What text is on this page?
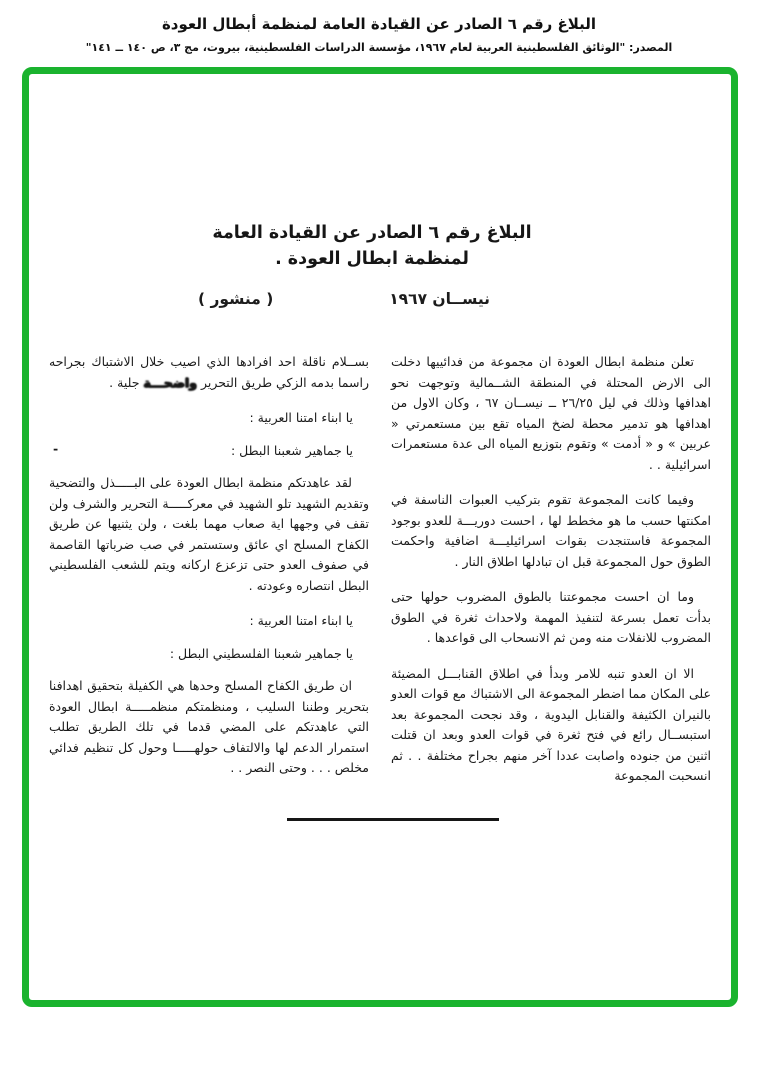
البلاغ رقم ٦ الصادر عن القيادة العامة لمنظمة أبطال العودة
المصدر: "الوثائق الفلسطينية العربية لعام ١٩٦٧، مؤسسة الدراسات الفلسطينية، بيروت، مج ٣، ص ١٤٠ ــ ١٤١"
البلاغ رقم ٦ الصادر عن القيادة العامة
لمنظمة ابطال العودة .
نيســان ١٩٦٧
( منشور )

تعلن منظمة ابطال العودة ان مجموعة من فدائييها دخلت الى الارض المحتلة في المنطقة الشــمالية وتوجهت نحو اهدافها وذلك في ليل ٢٦/٢٥ ــ نيســان ٦٧ ، وكان الاول من اهدافها هو تدمير محطة لضخ المياه تقع بين مستعمرتي « عربين » و « أدمت » وتقوم بتوزيع المياه الى عدة مستعمرات اسرائيلية . .

وفيما كانت المجموعة تقوم بتركيب العبوات الناسفة في امكنتها حسب ما هو مخطط لها ، احست دوريـــة للعدو بوجود المجموعة فاستنجدت بقوات اسرائيليـــة اضافية واحكمت الطوق حول المجموعة قبل ان تبادلها اطلاق النار .

وما ان احست مجموعتنا بالطوق المضروب حولها حتى بدأت تعمل بسرعة لتنفيذ المهمة ولاحداث ثغرة في الطوق المضروب للانفلات منه ومن ثم الانسحاب الى قواعدها .

الا ان العدو تنبه للامر وبدأ في اطلاق القنابـــل المضيئة على المكان مما اضطر المجموعة الى الاشتباك مع قوات العدو بالنيران الكثيفة والقنابل اليدوية ، وقد نجحت المجموعة بعد استبســال رائع في فتح ثغرة في قوات العدو وبعد ان قتلت اثنين من جنوده واصابت عددا آخر منهم بجراح مختلفة . . ثم انسحبت المجموعة

بســلام ناقلة احد افرادها الذي اصيب خلال الاشتباك بجراحه راسما بدمه الزكي طريق التحرير واضحـــة جلية .

يا ابناء امتنا العربية :

-	يا جماهير شعبنا البطل :

لقد عاهدتكم منظمة ابطال العودة على البـــــذل والتضحية وتقديم الشهيد تلو الشهيد في معركـــــة التحرير والشرف ولن تقف في وجهها اية صعاب مهما بلغت ، ولن يثنيها عن طريق الكفاح المسلح اي عائق وستستمر في صب ضرباتها القاصمة في صفوف العدو حتى تزعزع اركانه ويتم للشعب الفلسطيني البطل انتصاره وعودته .

يا ابناء امتنا العربية :

يا جماهير شعبنا الفلسطيني البطل :

ان طريق الكفاح المسلح وحدها هي الكفيلة بتحقيق اهدافنا بتحرير وطننا السليب ، ومنظمتكم منظمـــــة ابطال العودة التي عاهدتكم على المضي قدما في تلك الطريق تطلب استمرار الدعم لها والالتفاف حولهـــــا وحول كل تنظيم فدائي مخلص . . . وحتى النصر . .
